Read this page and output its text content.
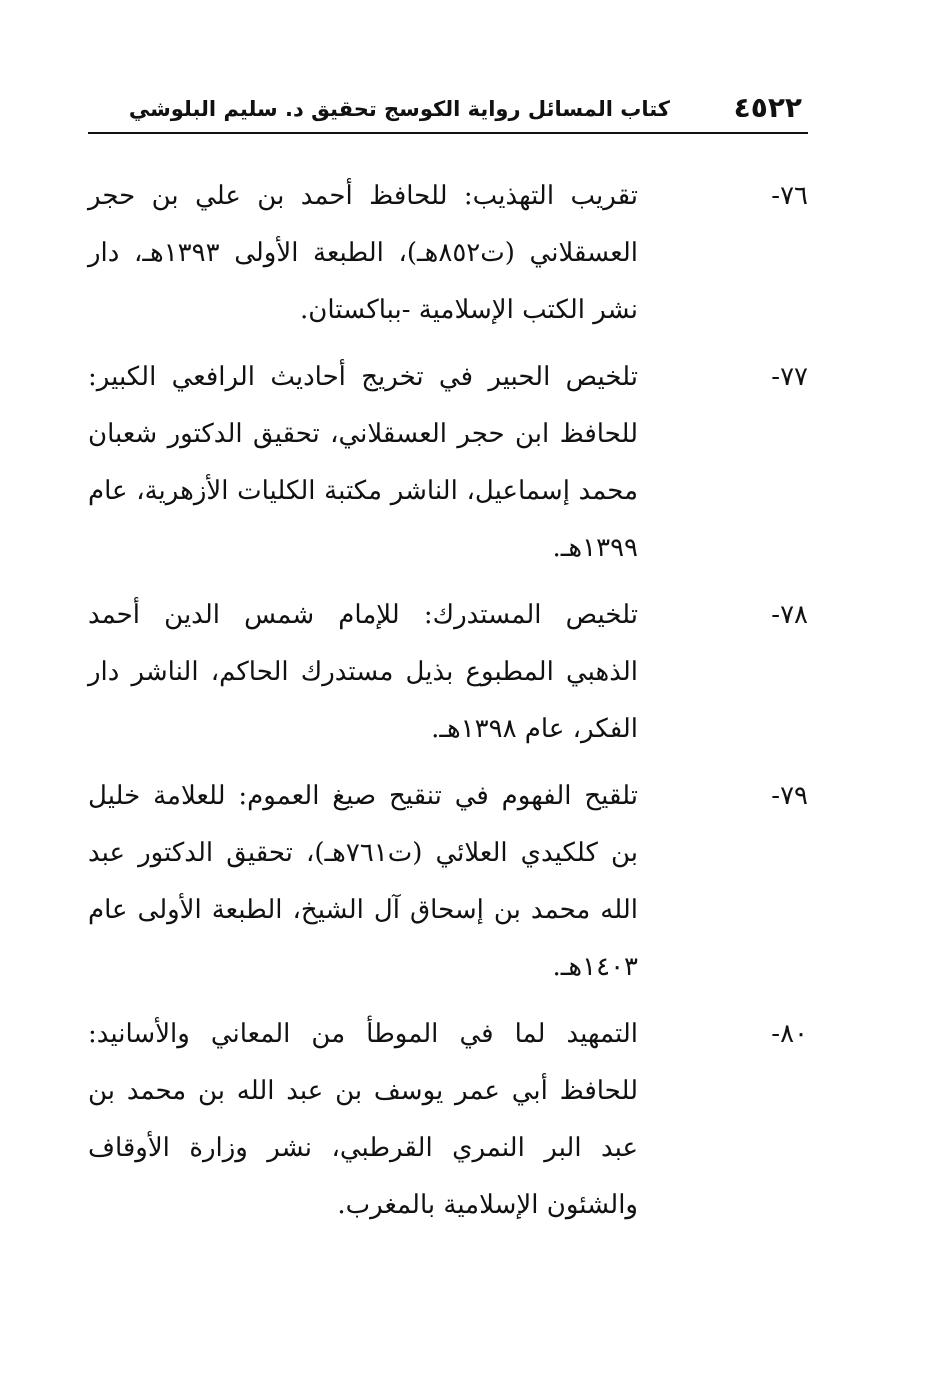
٤٥٢٢
كتاب المسائل رواية الكوسج تحقيق د. سليم البلوشي
٧٦-
تقريب التهذيب: للحافظ أحمد بن علي بن حجر العسقلاني (ت٨٥٢هـ)، الطبعة الأولى ١٣٩٣هـ، دار نشر الكتب الإسلامية -بباكستان.
٧٧-
تلخيص الحبير في تخريج أحاديث الرافعي الكبير: للحافظ ابن حجر العسقلاني، تحقيق الدكتور شعبان محمد إسماعيل، الناشر مكتبة الكليات الأزهرية، عام ١٣٩٩هـ.
٧٨-
تلخيص المستدرك: للإمام شمس الدين أحمد الذهبي المطبوع بذيل مستدرك الحاكم، الناشر دار الفكر، عام ١٣٩٨هـ.
٧٩-
تلقيح الفهوم في تنقيح صيغ العموم: للعلامة خليل بن كلكيدي العلائي (ت٧٦١هـ)، تحقيق الدكتور عبد الله محمد بن إسحاق آل الشيخ، الطبعة الأولى عام ١٤٠٣هـ.
٨٠-
التمهيد لما في الموطأ من المعاني والأسانيد: للحافظ أبي عمر يوسف بن عبد الله بن محمد بن عبد البر النمري القرطبي، نشر وزارة الأوقاف والشئون الإسلامية بالمغرب.
